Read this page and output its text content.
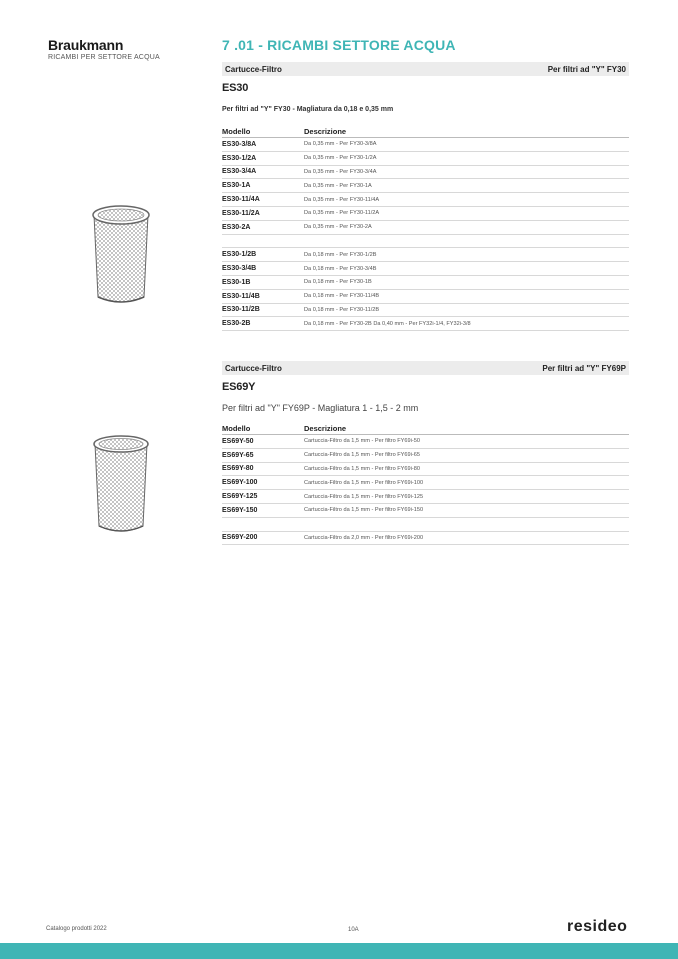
Braukmann
RICAMBI PER SETTORE ACQUA
7 .01 - RICAMBI SETTORE ACQUA
Cartucce-Filtro	Per filtri ad "Y" FY30
ES30
Per filtri ad "Y" FY30 - Magliatura da 0,18 e 0,35 mm
Modello	Descrizione
ES30-3/8A	Da 0,35 mm - Per FY30-3/8A
ES30-1/2A	Da 0,35 mm - Per FY30-1/2A
ES30-3/4A	Da 0,35 mm - Per FY30-3/4A
ES30-1A	Da 0,35 mm - Per FY30-1A
ES30-11/4A	Da 0,35 mm - Per FY30-11/4A
ES30-11/2A	Da 0,35 mm - Per FY30-11/2A
ES30-2A	Da 0,35 mm - Per FY30-2A
ES30-1/2B	Da 0,18 mm - Per FY30-1/2B
ES30-3/4B	Da 0,18 mm - Per FY30-3/4B
ES30-1B	Da 0,18 mm - Per FY30-1B
ES30-11/4B	Da 0,18 mm - Per FY30-11/4B
ES30-11/2B	Da 0,18 mm - Per FY30-11/2B
ES30-2B	Da 0,18 mm - Per FY30-2B Da 0,40 mm - Per FY32i-1/4, FY32i-3/8
Cartucce-Filtro	Per filtri ad "Y" FY69P
ES69Y
Per filtri ad "Y" FY69P - Magliatura 1 - 1,5 - 2 mm
Modello	Descrizione
ES69Y-50	Cartuccia-Filtro da 1,5 mm - Per filtro FY69i-50
ES69Y-65	Cartuccia-Filtro da 1,5 mm - Per filtro FY69i-65
ES69Y-80	Cartuccia-Filtro da 1,5 mm - Per filtro FY69i-80
ES69Y-100	Cartuccia-Filtro da 1,5 mm - Per filtro FY69i-100
ES69Y-125	Cartuccia-Filtro da 1,5 mm - Per filtro FY69i-125
ES69Y-150	Cartuccia-Filtro da 1,5 mm - Per filtro FY69i-150
ES69Y-200	Cartuccia-Filtro da 2,0 mm - Per filtro FY69i-200
Catalogo prodotti 2022	10A	resideo
